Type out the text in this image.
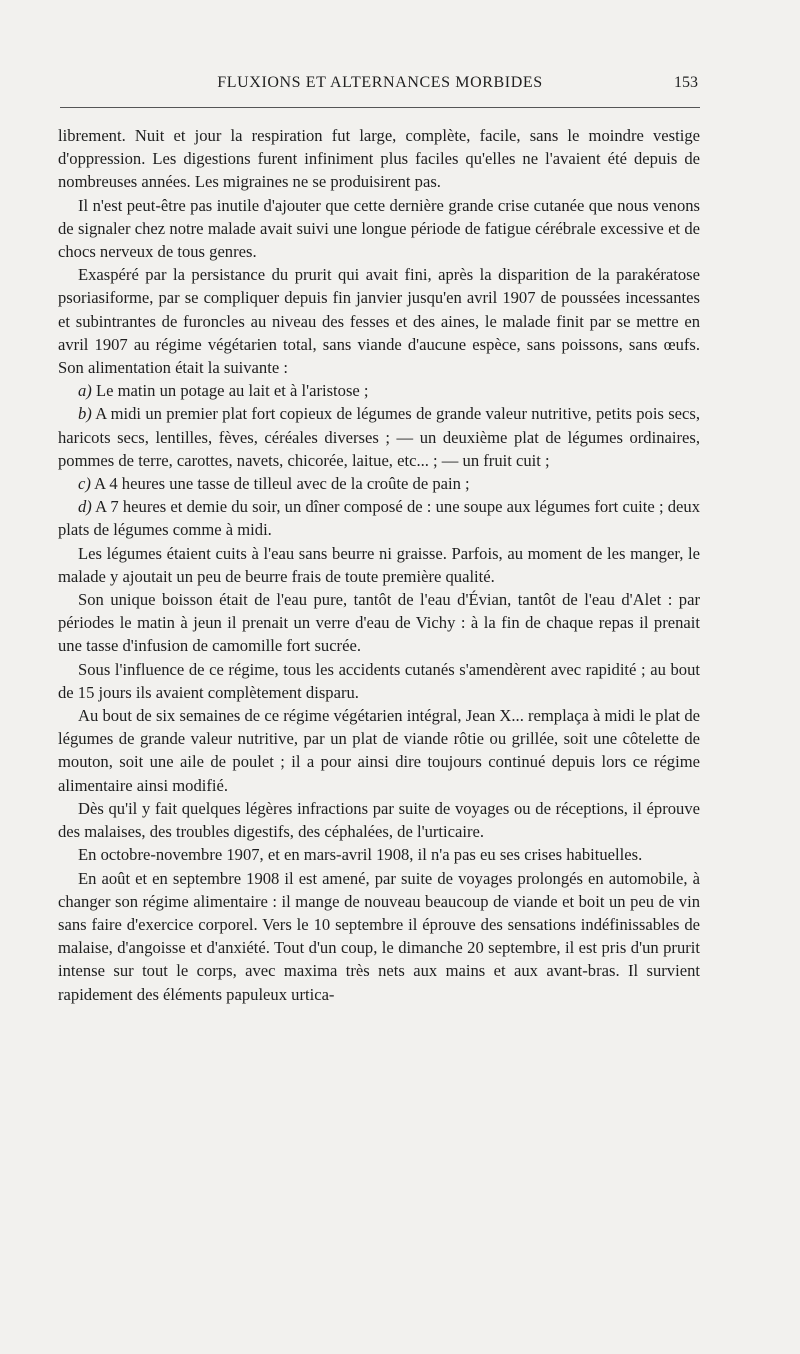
FLUXIONS ET ALTERNANCES MORBIDES	153

librement. Nuit et jour la respiration fut large, complète, facile, sans le moindre vestige d'oppression. Les digestions furent infiniment plus faciles qu'elles ne l'avaient été depuis de nombreuses années. Les migraines ne se produisirent pas.

Il n'est peut-être pas inutile d'ajouter que cette dernière grande crise cutanée que nous venons de signaler chez notre malade avait suivi une longue période de fatigue cérébrale excessive et de chocs nerveux de tous genres.

Exaspéré par la persistance du prurit qui avait fini, après la disparition de la parakératose psoriasiforme, par se compliquer depuis fin janvier jusqu'en avril 1907 de poussées incessantes et subintrantes de furoncles au niveau des fesses et des aines, le malade finit par se mettre en avril 1907 au régime végétarien total, sans viande d'aucune espèce, sans poissons, sans œufs. Son alimentation était la suivante :

a) Le matin un potage au lait et à l'aristose ;

b) A midi un premier plat fort copieux de légumes de grande valeur nutritive, petits pois secs, haricots secs, lentilles, fèves, céréales diverses ; — un deuxième plat de légumes ordinaires, pommes de terre, carottes, navets, chicorée, laitue, etc... ; — un fruit cuit ;

c) A 4 heures une tasse de tilleul avec de la croûte de pain ;

d) A 7 heures et demie du soir, un dîner composé de : une soupe aux légumes fort cuite ; deux plats de légumes comme à midi.

Les légumes étaient cuits à l'eau sans beurre ni graisse. Parfois, au moment de les manger, le malade y ajoutait un peu de beurre frais de toute première qualité.

Son unique boisson était de l'eau pure, tantôt de l'eau d'Évian, tantôt de l'eau d'Alet : par périodes le matin à jeun il prenait un verre d'eau de Vichy : à la fin de chaque repas il prenait une tasse d'infusion de camomille fort sucrée.

Sous l'influence de ce régime, tous les accidents cutanés s'amendèrent avec rapidité ; au bout de 15 jours ils avaient complètement disparu.

Au bout de six semaines de ce régime végétarien intégral, Jean X... remplaça à midi le plat de légumes de grande valeur nutritive, par un plat de viande rôtie ou grillée, soit une côtelette de mouton, soit une aile de poulet ; il a pour ainsi dire toujours continué depuis lors ce régime alimentaire ainsi modifié.

Dès qu'il y fait quelques légères infractions par suite de voyages ou de réceptions, il éprouve des malaises, des troubles digestifs, des céphalées, de l'urticaire.

En octobre-novembre 1907, et en mars-avril 1908, il n'a pas eu ses crises habituelles.

En août et en septembre 1908 il est amené, par suite de voyages prolongés en automobile, à changer son régime alimentaire : il mange de nouveau beaucoup de viande et boit un peu de vin sans faire d'exercice corporel. Vers le 10 septembre il éprouve des sensations indéfinissables de malaise, d'angoisse et d'anxiété. Tout d'un coup, le dimanche 20 septembre, il est pris d'un prurit intense sur tout le corps, avec maxima très nets aux mains et aux avant-bras. Il survient rapidement des éléments papuleux urtica-
